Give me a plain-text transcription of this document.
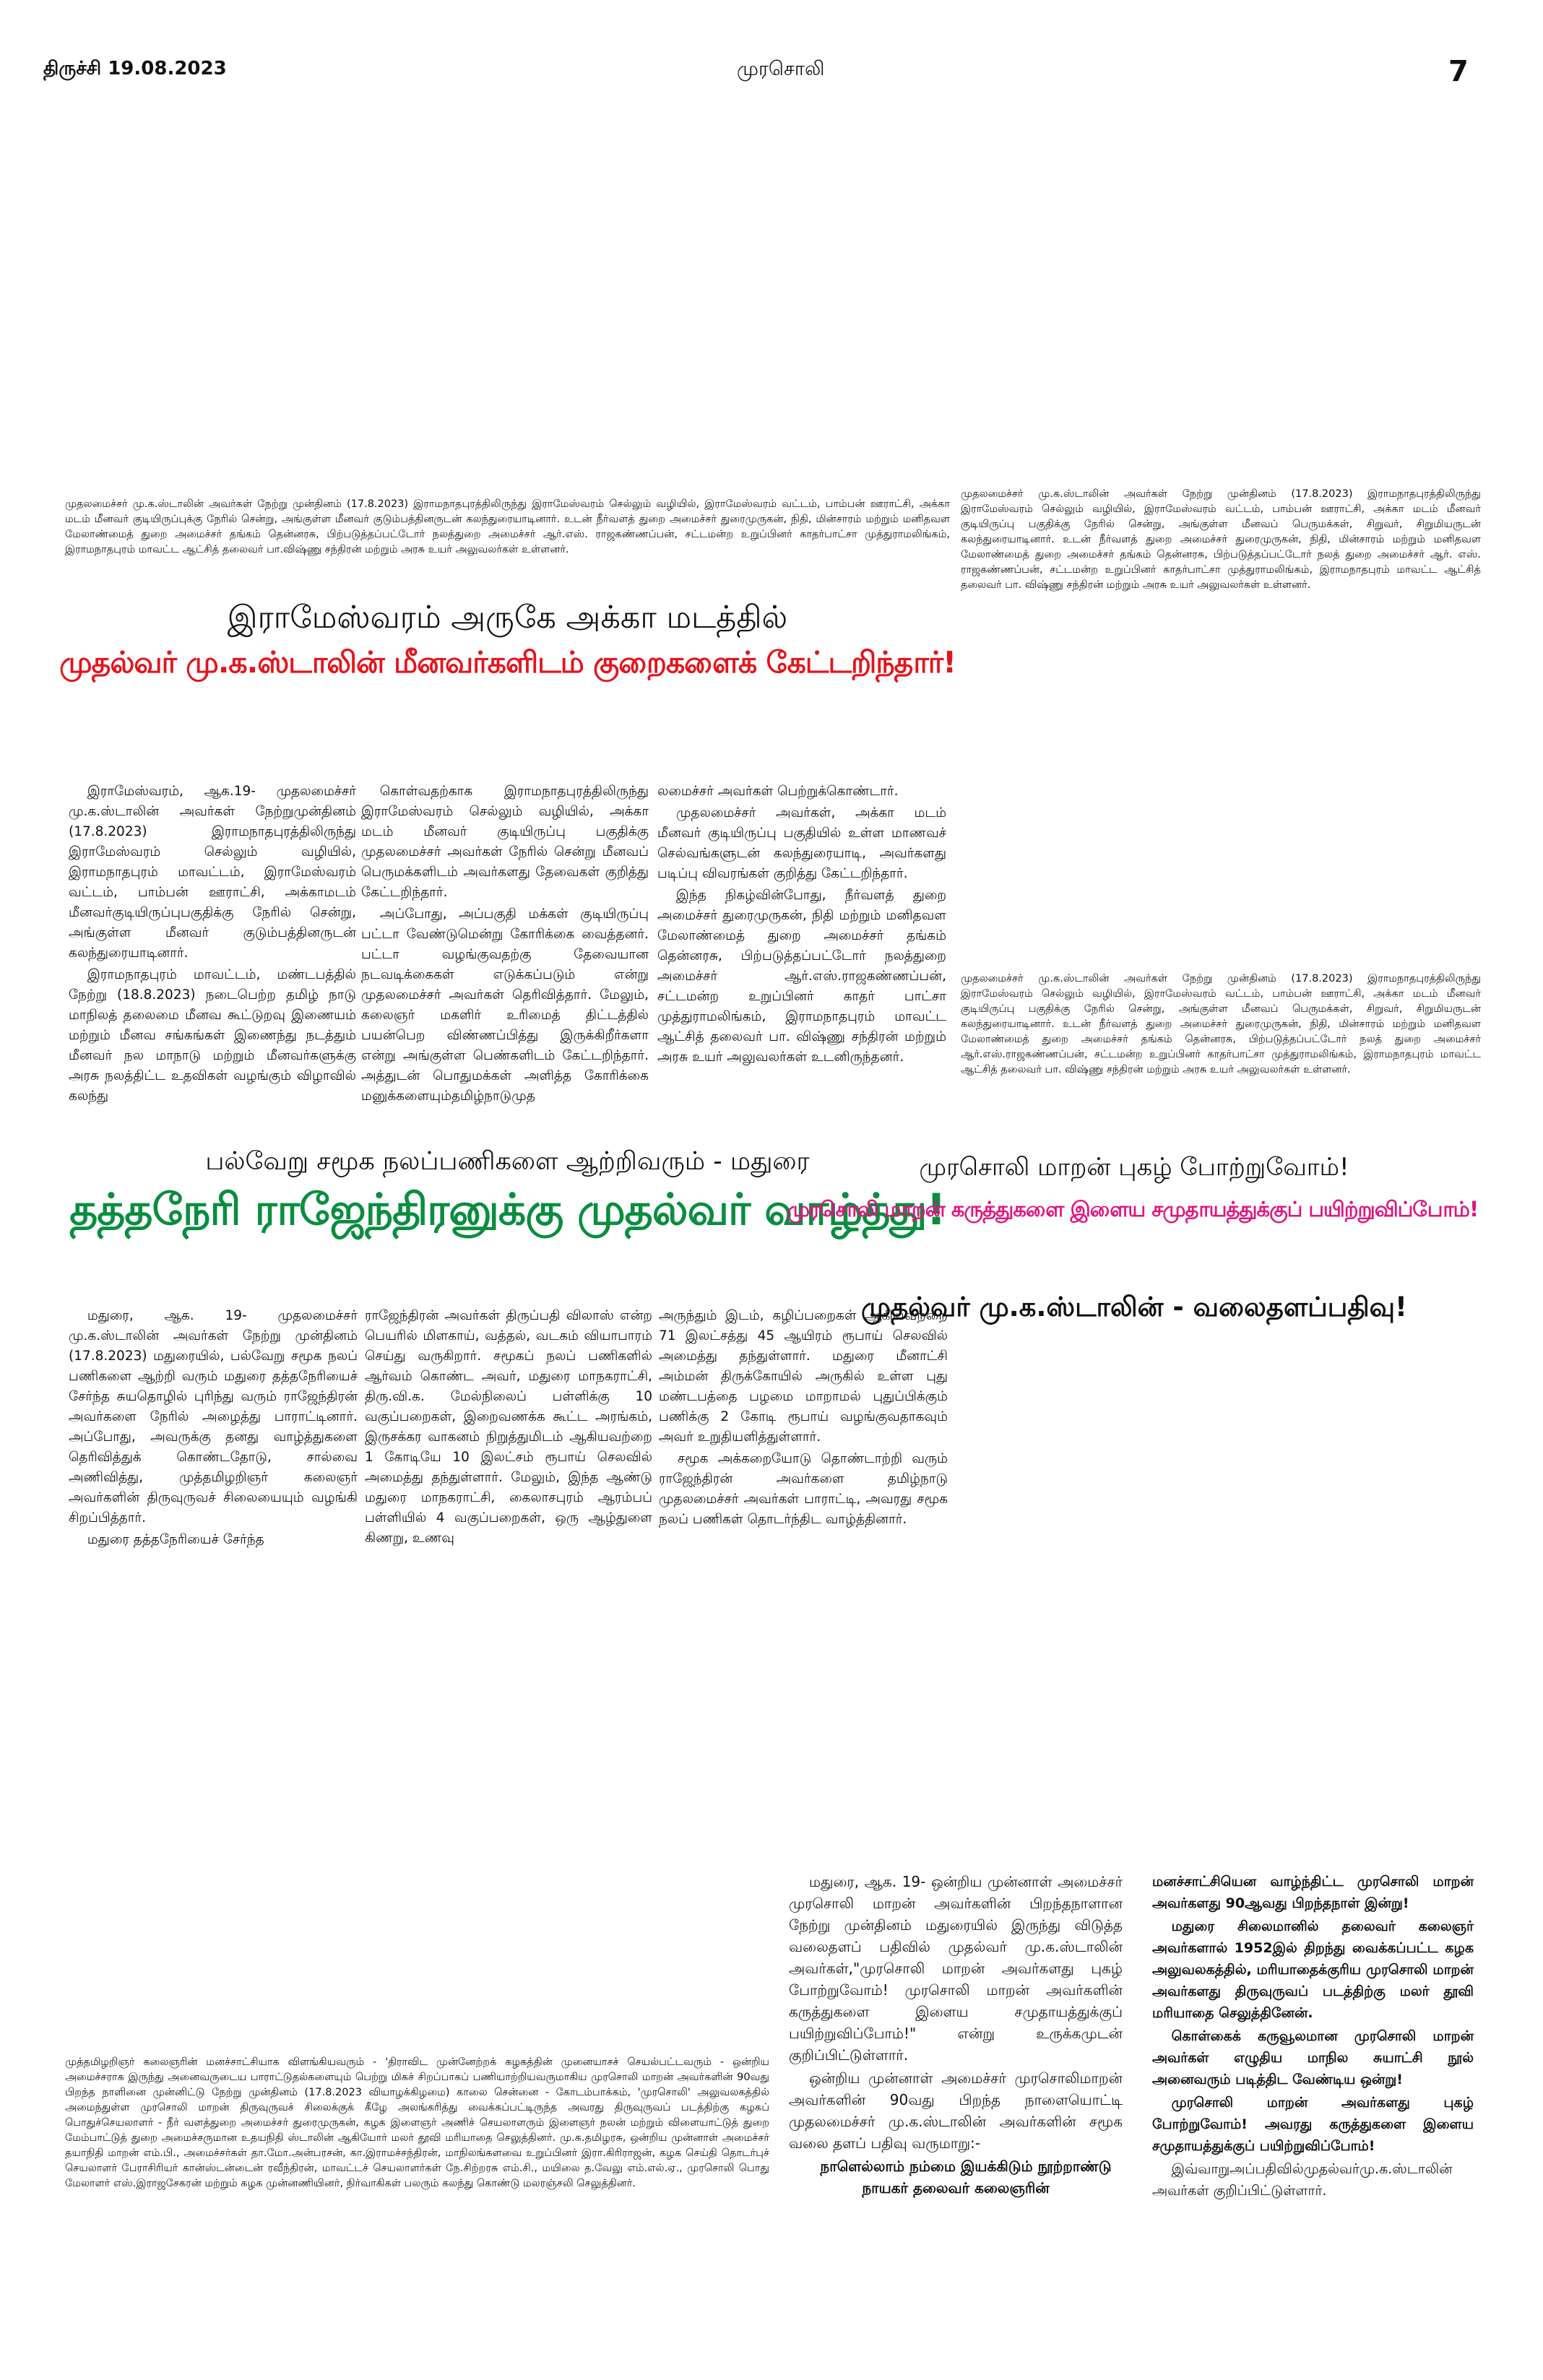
திருச்சி 19.08.2023	முரசொலி	7
முதலமைச்சர் மு.க.ஸ்டாலின் அவர்கள் நேற்று முன்தினம் (17.8.2023) இராமநாதபுரத்திலிருந்து இராமேஸ்வரம் செல்லும் வழியில், இராமேஸ்வரம் வட்டம், பாம்பன் ஊராட்சி, அக்கா மடம் மீனவர் குடியிருப்புக்கு நேரில் சென்று, அங்குள்ள மீனவர் குடும்பத்தினருடன் கலந்துரையாடினார். உடன் நீர்வளத் துறை அமைச்சர் துரைமுருகன், நிதி, மின்சாரம் மற்றும் மனிதவள மேலாண்மைத் துறை அமைச்சர் தங்கம் தென்னரசு, பிற்படுத்தப்பட்டோர் நலத்துறை அமைச்சர் ஆர்.எஸ். ராஜகண்ணப்பன், சட்டமன்ற உறுப்பினர் காதர்பாட்சா முத்துராமலிங்கம், இராமநாதபுரம் மாவட்ட ஆட்சித் தலைவர் பா.விஷ்ணு சந்திரன் மற்றும் அரசு உயர் அலுவலர்கள் உள்ளனர்.
முதலமைச்சர் மு.க.ஸ்டாலின் அவர்கள் நேற்று முன்தினம் (17.8.2023) இராமநாதபுரத்திலிருந்து இராமேஸ்வரம் செல்லும் வழியில், இராமேஸ்வரம் வட்டம், பாம்பன் ஊராட்சி, அக்கா மடம் மீனவர் குடியிருப்பு பகுதிக்கு நேரில் சென்று, அங்குள்ள மீனவப் பெருமக்கள், சிறுவர், சிறுமியருடன் கலந்துரையாடினார். உடன் நீர்வளத் துறை அமைச்சர் துரைமுருகன், நிதி, மின்சாரம் மற்றும் மனிதவள மேலாண்மைத் துறை அமைச்சர் தங்கம் தென்னரசு, பிற்படுத்தப்பட்டோர் நலத் துறை அமைச்சர் ஆர். எஸ். ராஜகண்ணப்பன், சட்டமன்ற உறுப்பினர் காதர்பாட்சா முத்துராமலிங்கம், இராமநாதபுரம் மாவட்ட ஆட்சித் தலைவர் பா. விஷ்ணு சந்திரன் மற்றும் அரசு உயர் அலுவலர்கள் உள்ளனர்.
இராமேஸ்வரம் அருகே அக்கா மடத்தில்
முதல்வர் மு.க.ஸ்டாலின் மீனவர்களிடம் குறைகளைக் கேட்டறிந்தார்!

இராமேஸ்வரம், ஆக.19- முதலமைச்சர் மு.க.ஸ்டாலின் அவர்கள் நேற்றுமுன்தினம் (17.8.2023) இராமநாதபுரத்திலிருந்து இராமேஸ்வரம் செல்லும் வழியில், இராமநாதபுரம் மாவட்டம், இராமேஸ்வரம் வட்டம், பாம்பன் ஊராட்சி, அக்காமடம் மீனவர்குடியிருப்புபகுதிக்கு நேரில் சென்று, அங்குள்ள மீனவர் குடும்பத்தினருடன் கலந்துரையாடினார்.

இராமநாதபுரம் மாவட்டம், மண்டபத்தில் நேற்று (18.8.2023) நடைபெற்ற தமிழ் நாடு மாநிலத் தலைமை மீனவ கூட்டுறவு இணையம் மற்றும் மீனவ சங்கங்கள் இணைந்து நடத்தும் மீனவர் நல மாநாடு மற்றும் மீனவர்களுக்கு அரசு நலத்திட்ட உதவிகள் வழங்கும் விழாவில் கலந்து

கொள்வதற்காக இராமநாதபுரத்திலிருந்து இராமேஸ்வரம் செல்லும் வழியில், அக்கா மடம் மீனவர் குடியிருப்பு பகுதிக்கு முதலமைச்சர் அவர்கள் நேரில் சென்று மீனவப் பெருமக்களிடம் அவர்களது தேவைகள் குறித்து கேட்டறிந்தார்.

அப்போது, அப்பகுதி மக்கள் குடியிருப்பு பட்டா வேண்டுமென்று கோரிக்கை வைத்தனர். பட்டா வழங்குவதற்கு தேவையான நடவடிக்கைகள் எடுக்கப்படும் என்று முதலமைச்சர் அவர்கள் தெரிவித்தார். மேலும், கலைஞர் மகளிர் உரிமைத் திட்டத்தில் பயன்பெற விண்ணப்பித்து இருக்கிறீர்களா என்று அங்குள்ள பெண்களிடம் கேட்டறிந்தார். அத்துடன் பொதுமக்கள் அளித்த கோரிக்கை மனுக்களையும்தமிழ்நாடுமுத

லமைச்சர் அவர்கள் பெற்றுக்கொண்டார்.

முதலமைச்சர் அவர்கள், அக்கா மடம் மீனவர் குடியிருப்பு பகுதியில் உள்ள மாணவச் செல்வங்களுடன் கலந்துரையாடி, அவர்களது படிப்பு விவரங்கள் குறித்து கேட்டறிந்தார்.

இந்த நிகழ்வின்போது, நீர்வளத் துறை அமைச்சர் துரைமுருகன், நிதி மற்றும் மனிதவள மேலாண்மைத் துறை அமைச்சர் தங்கம் தென்னரசு, பிற்படுத்தப்பட்டோர் நலத்துறை அமைச்சர் ஆர்.எஸ்.ராஜகண்ணப்பன், சட்டமன்ற உறுப்பினர் காதர் பாட்சா முத்துராமலிங்கம், இராமநாதபுரம் மாவட்ட ஆட்சித் தலைவர் பா. விஷ்ணு சந்திரன் மற்றும் அரசு உயர் அலுவலர்கள் உடனிருந்தனர்.

முதலமைச்சர் மு.க.ஸ்டாலின் அவர்கள் நேற்று முன்தினம் (17.8.2023) இராமநாதபுரத்திலிருந்து இராமேஸ்வரம் செல்லும் வழியில், இராமேஸ்வரம் வட்டம், பாம்பன் ஊராட்சி, அக்கா மடம் மீனவர் குடியிருப்பு பகுதிக்கு நேரில் சென்று, அங்குள்ள மீனவப் பெருமக்கள், சிறுவர், சிறுமியருடன் கலந்துரையாடினார். உடன் நீர்வளத் துறை அமைச்சர் துரைமுருகன், நிதி, மின்சாரம் மற்றும் மனிதவள மேலாண்மைத் துறை அமைச்சர் தங்கம் தென்னரசு, பிற்படுத்தப்பட்டோர் நலத் துறை அமைச்சர் ஆர்.எஸ்.ராஜகண்ணப்பன், சட்டமன்ற உறுப்பினர் காதர்பாட்சா முத்துராமலிங்கம், இராமநாதபுரம் மாவட்ட ஆட்சித் தலைவர் பா. விஷ்ணு சந்திரன் மற்றும் அரசு உயர் அலுவலர்கள் உள்ளனர்.
பல்வேறு சமூக நலப்பணிகளை ஆற்றிவரும் - மதுரை
தத்தநேரி ராஜேந்திரனுக்கு முதல்வர் வாழ்த்து!

மதுரை, ஆக. 19- முதலமைச்சர் மு.க.ஸ்டாலின் அவர்கள் நேற்று முன்தினம் (17.8.2023) மதுரையில், பல்வேறு சமூக நலப் பணிகளை ஆற்றி வரும் மதுரை தத்தநேரியைச் சேர்ந்த சுயதொழில் புரிந்து வரும் ராஜேந்திரன் அவர்களை நேரில் அழைத்து பாராட்டினார். அப்போது, அவருக்கு தனது வாழ்த்துகளை தெரிவித்துக் கொண்டதோடு, சால்வை அணிவித்து, முத்தமிழறிஞர் கலைஞர் அவர்களின் திருவுருவச் சிலையையும் வழங்கி சிறப்பித்தார்.

மதுரை தத்தநேரியைச் சேர்ந்த

ராஜேந்திரன் அவர்கள் திருப்பதி விலாஸ் என்ற பெயரில் மிளகாய், வத்தல், வடகம் வியாபாரம் செய்து வருகிறார். சமூகப் நலப் பணிகளில் ஆர்வம் கொண்ட அவர், மதுரை மாநகராட்சி, திரு.வி.க. மேல்நிலைப் பள்ளிக்கு 10 வகுப்பறைகள், இறைவணக்க கூட்ட அரங்கம், இருசக்கர வாகனம் நிறுத்துமிடம் ஆகியவற்றை 1 கோடியே 10 இலட்சம் ரூபாய் செலவில் அமைத்து தந்துள்ளார். மேலும், இந்த ஆண்டு மதுரை மாநகராட்சி, கைலாசபுரம் ஆரம்பப் பள்ளியில் 4 வகுப்பறைகள், ஒரு ஆழ்துளை கிணறு, உணவு

அருந்தும் இடம், கழிப்பறைகள் ஆகியவற்றை 71 இலட்சத்து 45 ஆயிரம் ரூபாய் செலவில் அமைத்து தந்துள்ளார். மதுரை மீனாட்சி அம்மன் திருக்கோயில் அருகில் உள்ள புது மண்டபத்தை பழமை மாறாமல் புதுப்பிக்கும் பணிக்கு 2 கோடி ரூபாய் வழங்குவதாகவும் அவர் உறுதியளித்துள்ளார்.

சமூக அக்கறையோடு தொண்டாற்றி வரும் ராஜேந்திரன் அவர்களை தமிழ்நாடு முதலமைச்சர் அவர்கள் பாராட்டி, அவரது சமூக நலப் பணிகள் தொடர்ந்திட வாழ்த்தினார்.

முரசொலி மாறன் புகழ் போற்றுவோம்!
முரசொலி மாறன் கருத்துகளை இளைய சமுதாயத்துக்குப் பயிற்றுவிப்போம்!
முதல்வர் மு.க.ஸ்டாலின் - வலைதளப்பதிவு!
முத்தமிழறிஞர் கலைஞரின் மனச்சாட்சியாக விளங்கியவரும் - 'திராவிட முன்னேற்றக் கழகத்தின் முனையாசச் செயல்பட்டவரும் - ஒன்றிய அமைச்சராக இருந்து அனைவருடைய பாராட்டுதல்களையும் பெற்று மிகச் சிறப்பாகப் பணியாற்றியவருமாகிய முரசொலி மாறன் அவர்களின் 90வது பிறந்த நாளினை முன்னிட்டு நேற்று முன்தினம் (17.8.2023 வியாழக்கிழமை) காலை சென்னை - கோடம்பாக்கம், 'முரசொலி' அலுவலகத்தில் அமைந்துள்ள முரசொலி மாறன் திருவுருவச் சிலைக்குக் கீழே அலங்கரித்து வைக்கப்பட்டிருந்த அவரது திருவுருவப் படத்திற்கு கழகப் பொதுச்செயலாளர் - நீர் வளத்துறை அமைச்சர் துரைமுருகன், கழக இளைஞர் அணிச் செயலாளரும் இளைஞர் நலன் மற்றும் விளையாட்டுத் துறை மேம்பாட்டுத் துறை அமைச்சருமான உதயநிதி ஸ்டாலின் ஆகியோர் மலர் தூவி மரியாதை செலுத்தினர். மு.க.தமிழரசு, ஒன்றிய முன்னாள் அமைச்சர் தயாநிதி மாறன் எம்.பி., அமைச்சர்கள் தா.மோ.அன்பரசன், கா.இராமச்சந்திரன், மாநிலங்களவை உறுப்பினர் இரா.கிரிராஜன், கழக செய்தி தொடர்புச் செயலாளர் பேராசிரியர் கான்ஸ்டன்டைன் ரவீந்திரன், மாவட்டச் செயலாளர்கள் நே.சிற்றரசு எம்.சி., மயிலை த.வேலு எம்.எல்.ஏ., முரசொலி பொது மேலாளர் எஸ்.இராஜசேகரன் மற்றும் கழக முன்னணியினர், நிர்வாகிகள் பலரும் கலந்து கொண்டு மலரஞ்சலி செலுத்தினர்.

மதுரை, ஆக. 19- ஒன்றிய முன்னாள் அமைச்சர் முரசொலி மாறன் அவர்களின் பிறந்தநாளான நேற்று முன்தினம் மதுரையில் இருந்து விடுத்த வலைதளப் பதிவில் முதல்வர் மு.க.ஸ்டாலின் அவர்கள்,"முரசொலி மாறன் அவர்களது புகழ் போற்றுவோம்! முரசொலி மாறன் அவர்களின் கருத்துகளை இளைய சமுதாயத்துக்குப் பயிற்றுவிப்போம்!" என்று உருக்கமுடன் குறிப்பிட்டுள்ளார்.

ஒன்றிய முன்னாள் அமைச்சர் முரசொலிமாறன் அவர்களின் 90வது பிறந்த நாளையொட்டி முதலமைச்சர் மு.க.ஸ்டாலின் அவர்களின் சமூக வலை தளப் பதிவு வருமாறு:-

நாளெல்லாம் நம்மை இயக்கிடும் நூற்றாண்டு நாயகர் தலைவர் கலைஞரின்

மனச்சாட்சியென வாழ்ந்திட்ட முரசொலி மாறன் அவர்களது 90ஆவது பிறந்தநாள் இன்று!

மதுரை சிலைமானில் தலைவர் கலைஞர் அவர்களால் 1952இல் திறந்து வைக்கப்பட்ட கழக அலுவலகத்தில், மரியாதைக்குரிய முரசொலி மாறன் அவர்களது திருவுருவப் படத்திற்கு மலர் தூவி மரியாதை செலுத்தினேன்.

கொள்கைக் கருவூலமான முரசொலி மாறன் அவர்கள் எழுதிய மாநில சுயாட்சி நூல் அனைவரும் படித்திட வேண்டிய ஒன்று!

முரசொலி மாறன் அவர்களது புகழ் போற்றுவோம்! அவரது கருத்துகளை இளைய சமுதாயத்துக்குப் பயிற்றுவிப்போம்!

இவ்வாறுஅப்பதிவில்முதல்வர்மு.க.ஸ்டாலின் அவர்கள் குறிப்பிட்டுள்ளார்.
